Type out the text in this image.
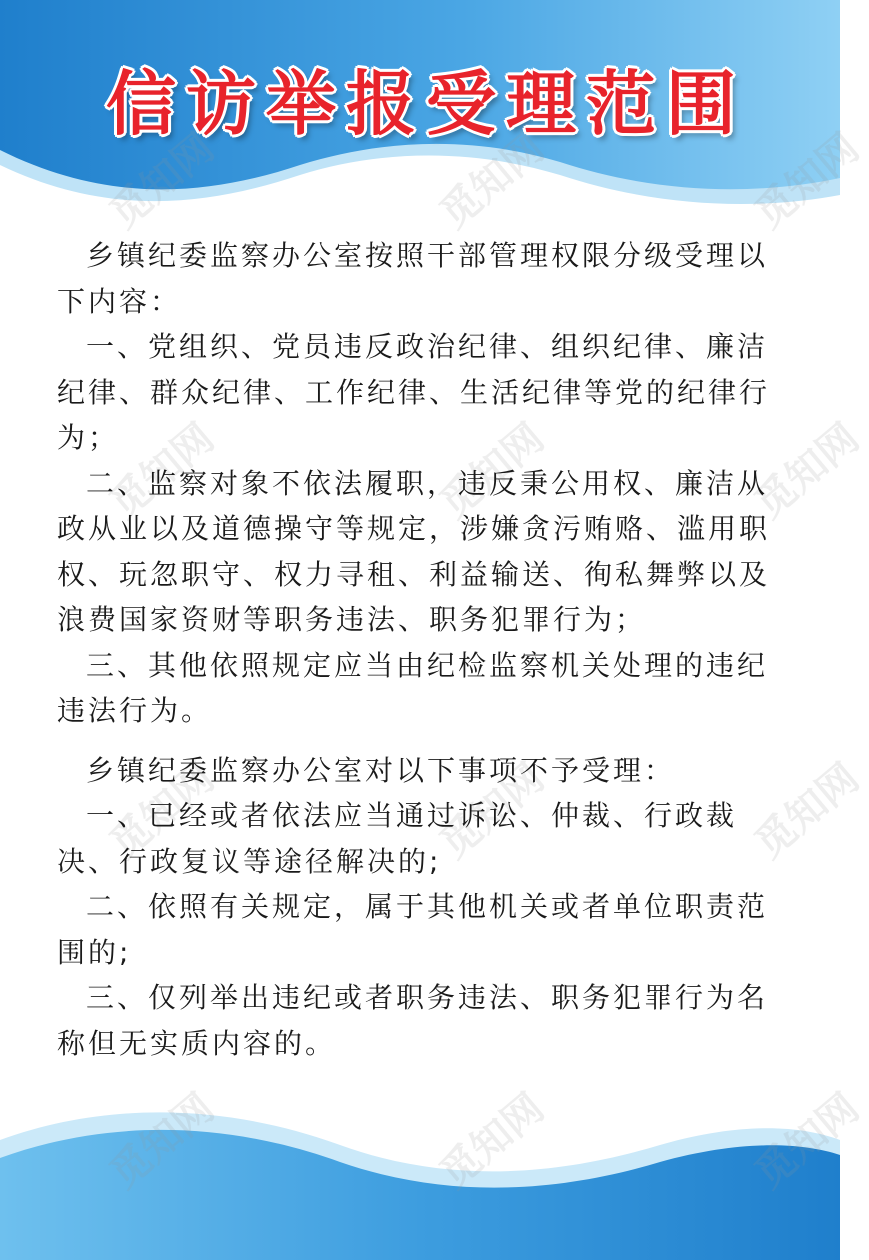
觅知网
觅知网	觅知网	觅知网
觅知网	觅知网	觅知网
觅知网
信访举报受理范围

乡镇纪委监察办公室按照干部管理权限分级受理以下内容：

一、党组织、党员违反政治纪律、组织纪律、廉洁纪律、群众纪律、工作纪律、生活纪律等党的纪律行为；

二、监察对象不依法履职，违反秉公用权、廉洁从政从业以及道德操守等规定，涉嫌贪污贿赂、滥用职权、玩忽职守、权力寻租、利益输送、徇私舞弊以及浪费国家资财等职务违法、职务犯罪行为；

三、其他依照规定应当由纪检监察机关处理的违纪违法行为。

乡镇纪委监察办公室对以下事项不予受理：

一、已经或者依法应当通过诉讼、仲裁、行政裁决、行政复议等途径解决的;

二、依照有关规定，属于其他机关或者单位职责范围的;

三、仅列举出违纪或者职务违法、职务犯罪行为名称但无实质内容的。
